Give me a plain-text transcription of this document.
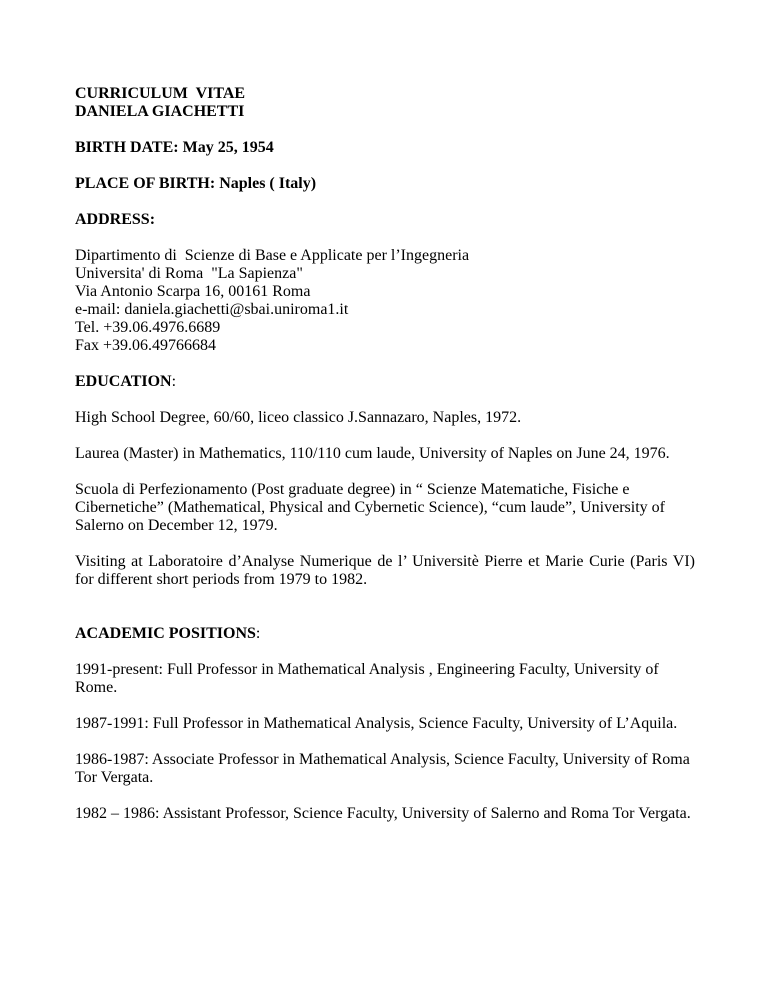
CURRICULUM  VITAE
DANIELA GIACHETTI

BIRTH DATE: May 25, 1954

PLACE OF BIRTH: Naples ( Italy)

ADDRESS:

Dipartimento di  Scienze di Base e Applicate per l’Ingegneria
Universita' di Roma  "La Sapienza"
Via Antonio Scarpa 16, 00161 Roma
e-mail: daniela.giachetti@sbai.uniroma1.it
Tel. +39.06.4976.6689
Fax +39.06.49766684

EDUCATION:

High School Degree, 60/60, liceo classico J.Sannazaro, Naples, 1972.

Laurea (Master) in Mathematics, 110/110 cum laude, University of Naples on June 24, 1976.

Scuola di Perfezionamento (Post graduate degree) in “ Scienze Matematiche, Fisiche e Cibernetiche” (Mathematical, Physical and Cybernetic Science), “cum laude”, University of Salerno on December 12, 1979.

Visiting at Laboratoire d’Analyse Numerique de l’ Universitè Pierre et Marie Curie (Paris VI) for different short periods from 1979 to 1982.

ACADEMIC POSITIONS:

1991-present: Full Professor in Mathematical Analysis , Engineering Faculty, University of Rome.

1987-1991: Full Professor in Mathematical Analysis, Science Faculty, University of L’Aquila.

1986-1987: Associate Professor in Mathematical Analysis, Science Faculty, University of Roma Tor Vergata.

1982 – 1986: Assistant Professor, Science Faculty, University of Salerno and Roma Tor Vergata.
